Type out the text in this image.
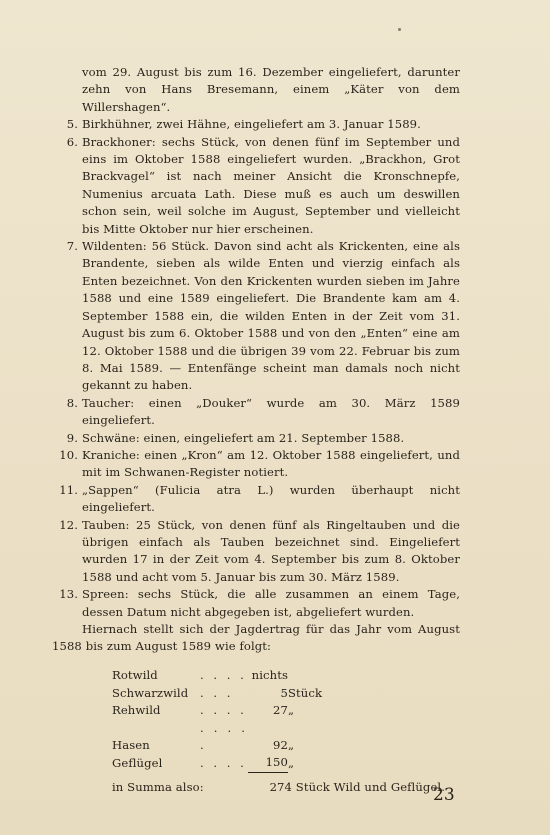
vom 29. August bis zum 16. Dezember eingeliefert, darunter zehn von Hans Bresemann, einem „Käter von dem Willershagen“.
5. Birkhühner, zwei Hähne, eingeliefert am 3. Januar 1589.
6. Brackhoner: sechs Stück, von denen fünf im September und eins im Oktober 1588 eingeliefert wurden. „Brackhon, Grot Brackvagel“ ist nach meiner Ansicht die Kronschnepfe, Numenius arcuata Lath. Diese muß es auch um deswillen schon sein, weil solche im August, September und vielleicht bis Mitte Oktober nur hier erscheinen.
7. Wildenten: 56 Stück. Davon sind acht als Krickenten, eine als Brandente, sieben als wilde Enten und vierzig einfach als Enten bezeichnet. Von den Krickenten wurden sieben im Jahre 1588 und eine 1589 eingeliefert. Die Brandente kam am 4. September 1588 ein, die wilden Enten in der Zeit vom 31. August bis zum 6. Oktober 1588 und von den „Enten“ eine am 12. Oktober 1588 und die übrigen 39 vom 22. Februar bis zum 8. Mai 1589. — Entenfänge scheint man damals noch nicht gekannt zu haben.
8. Taucher: einen „Douker“ wurde am 30. März 1589 eingeliefert.
9. Schwäne: einen, eingeliefert am 21. September 1588.
10. Kraniche: einen „Kron“ am 12. Oktober 1588 eingeliefert, und mit im Schwanen-Register notiert.
11. „Sappen“ (Fulicia atra L.) wurden überhaupt nicht eingeliefert.
12. Tauben: 25 Stück, von denen fünf als Ringeltauben und die übrigen einfach als Tauben bezeichnet sind. Eingeliefert wurden 17 in der Zeit vom 4. September bis zum 8. Oktober 1588 und acht vom 5. Januar bis zum 30. März 1589.
13. Spreen: sechs Stück, die alle zusammen an einem Tage, dessen Datum nicht abgegeben ist, abgeliefert wurden.

Hiernach stellt sich der Jagdertrag für das Jahr vom August 1588 bis zum August 1589 wie folgt:

Rotwild	. . . .	nichts	
Schwarzwild	. . .	5	Stück
Rehwild	. . . .	27	„
Hasen	. . . . .	92	„
Geflügel	. . . .	150	„
in Summa also:	274 Stück Wild und Geflügel.
23
